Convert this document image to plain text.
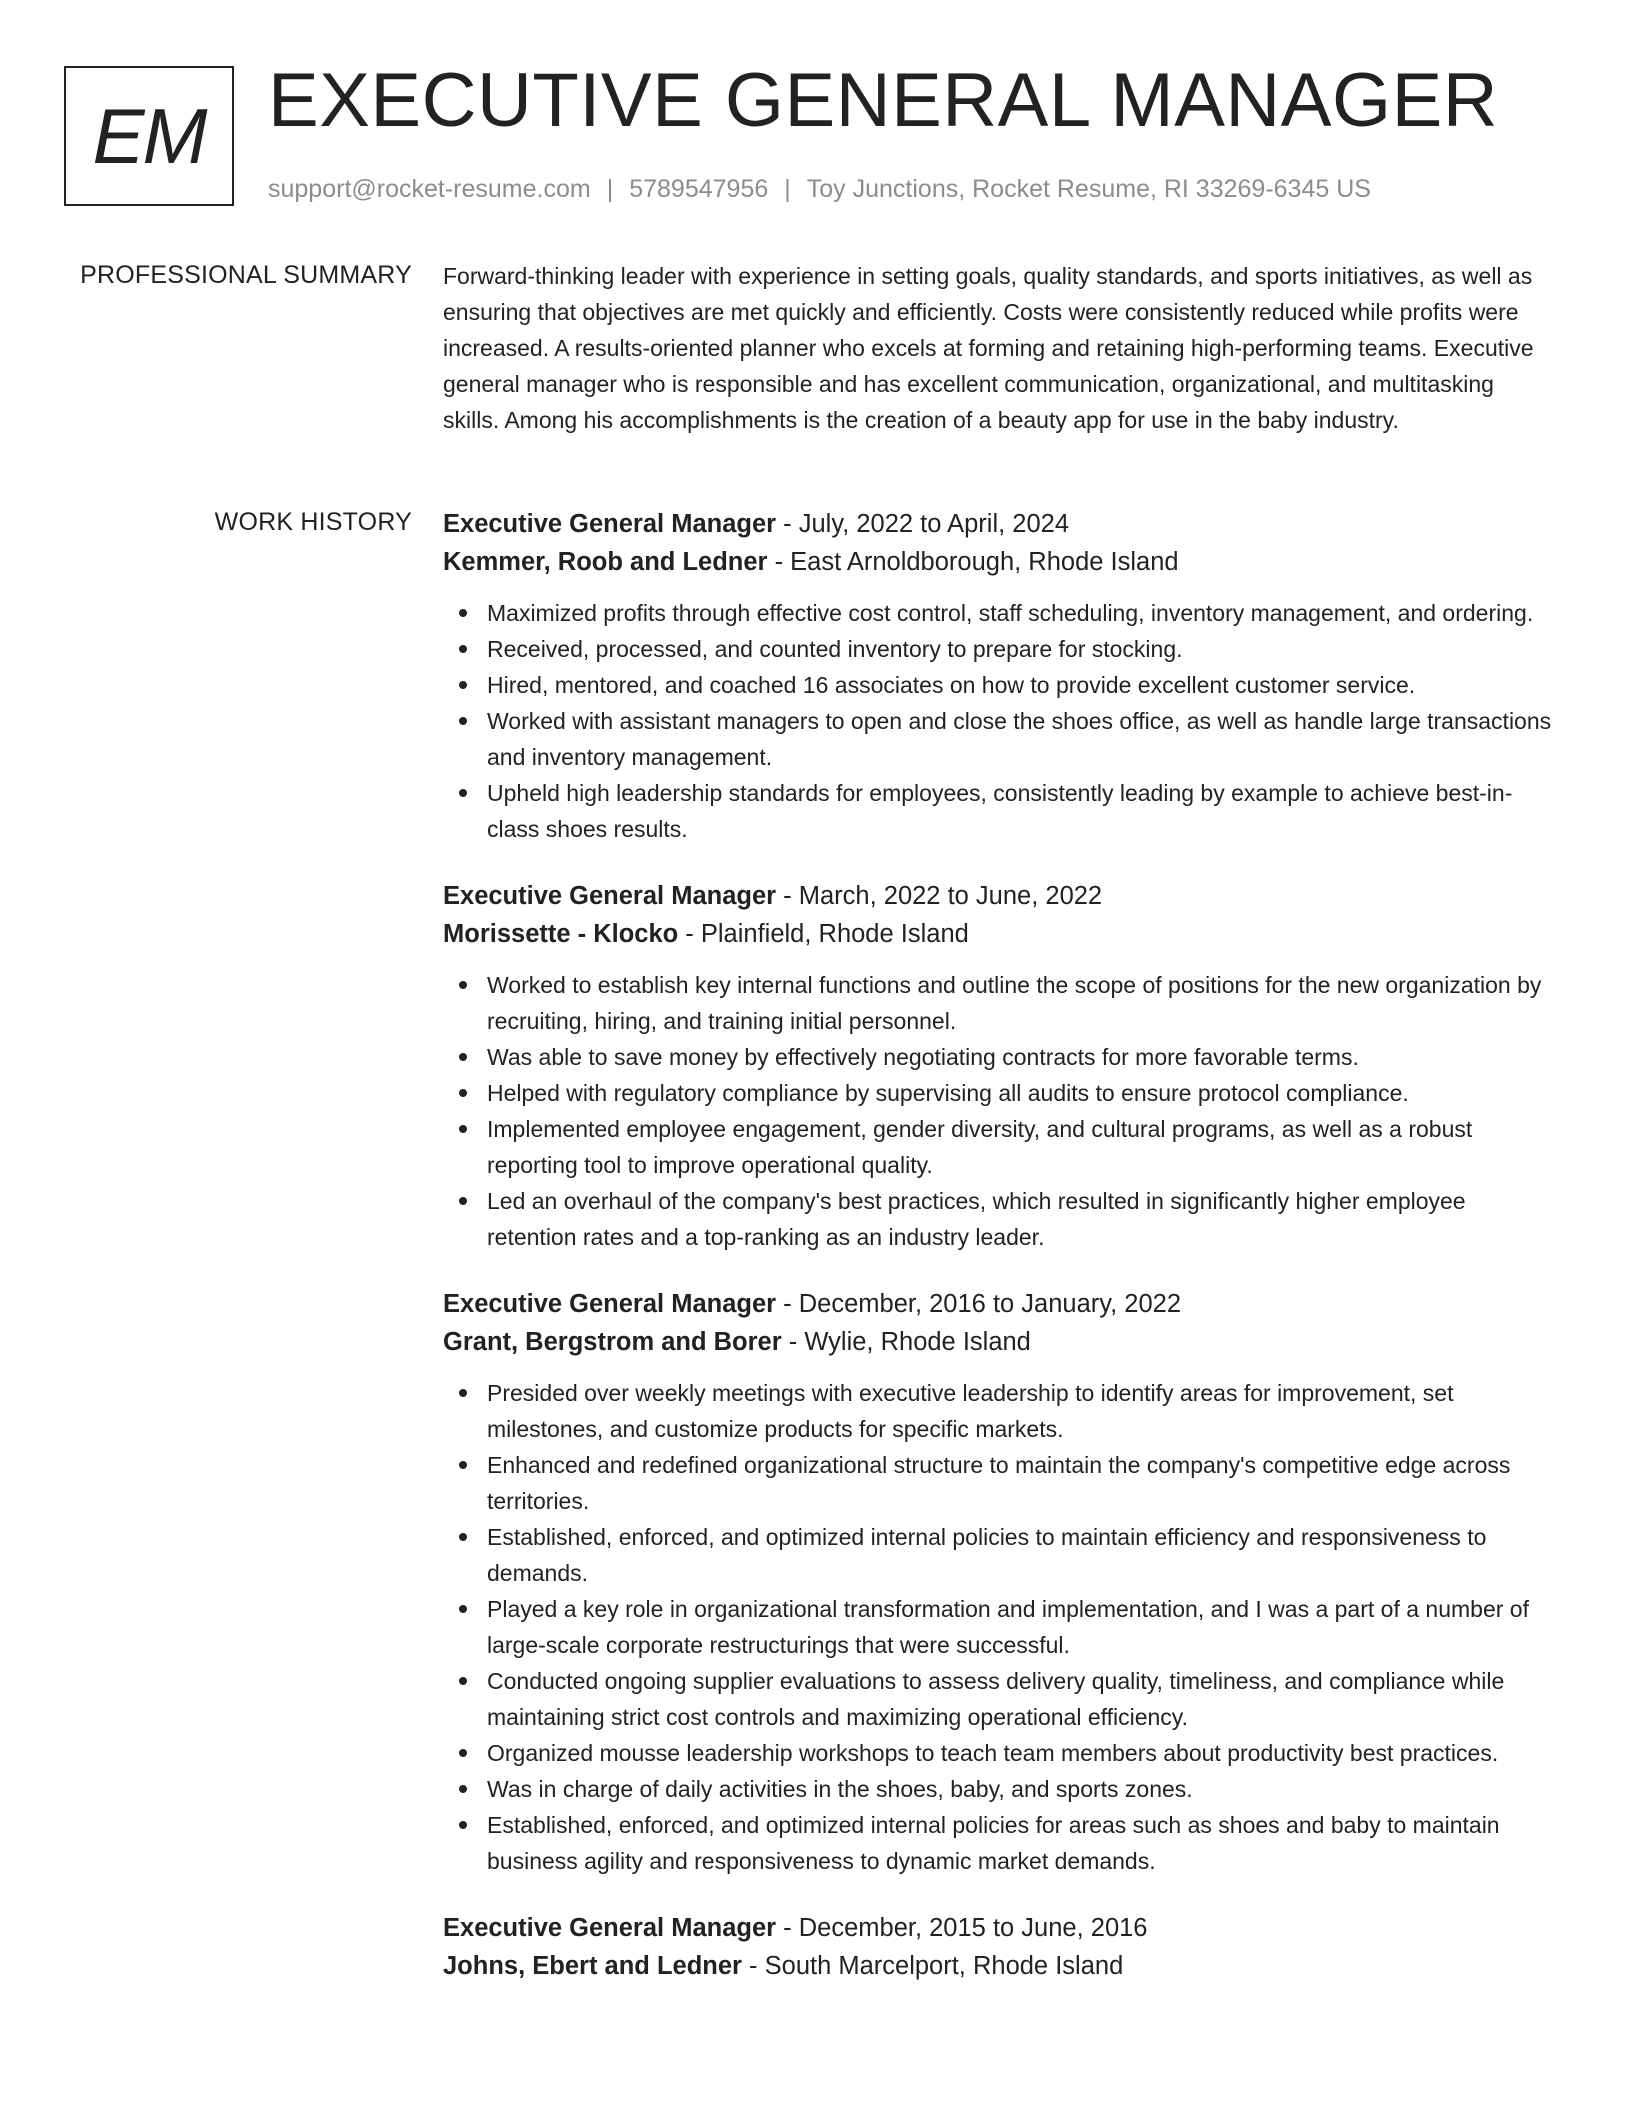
EM EXECUTIVE GENERAL MANAGER
support@rocket-resume.com | 5789547956 | Toy Junctions, Rocket Resume, RI 33269-6345 US
PROFESSIONAL SUMMARY Forward-thinking leader with experience in setting goals, quality standards, and sports initiatives, as well as ensuring that objectives are met quickly and efficiently. Costs were consistently reduced while profits were increased. A results-oriented planner who excels at forming and retaining high-performing teams. Executive general manager who is responsible and has excellent communication, organizational, and multitasking skills. Among his accomplishments is the creation of a beauty app for use in the baby industry.

WORK HISTORY Executive General Manager - July, 2022 to April, 2024

Kemmer, Roob and Ledner - East Arnoldborough, Rhode Island

Maximized profits through effective cost control, staff scheduling, inventory management, and ordering.
Received, processed, and counted inventory to prepare for stocking.
Hired, mentored, and coached 16 associates on how to provide excellent customer service.
Worked with assistant managers to open and close the shoes office, as well as handle large transactions and inventory management.
Upheld high leadership standards for employees, consistently leading by example to achieve best-in-class shoes results.

Executive General Manager - March, 2022 to June, 2022

Morissette - Klocko - Plainfield, Rhode Island

Worked to establish key internal functions and outline the scope of positions for the new organization by recruiting, hiring, and training initial personnel.
Was able to save money by effectively negotiating contracts for more favorable terms.
Helped with regulatory compliance by supervising all audits to ensure protocol compliance.
Implemented employee engagement, gender diversity, and cultural programs, as well as a robust reporting tool to improve operational quality.
Led an overhaul of the company's best practices, which resulted in significantly higher employee retention rates and a top-ranking as an industry leader.

Executive General Manager - December, 2016 to January, 2022

Grant, Bergstrom and Borer - Wylie, Rhode Island

Presided over weekly meetings with executive leadership to identify areas for improvement, set milestones, and customize products for specific markets.
Enhanced and redefined organizational structure to maintain the company's competitive edge across territories.
Established, enforced, and optimized internal policies to maintain efficiency and responsiveness to demands.
Played a key role in organizational transformation and implementation, and I was a part of a number of large-scale corporate restructurings that were successful.
Conducted ongoing supplier evaluations to assess delivery quality, timeliness, and compliance while maintaining strict cost controls and maximizing operational efficiency.
Organized mousse leadership workshops to teach team members about productivity best practices.
Was in charge of daily activities in the shoes, baby, and sports zones.
Established, enforced, and optimized internal policies for areas such as shoes and baby to maintain business agility and responsiveness to dynamic market demands.

Executive General Manager - December, 2015 to June, 2016

Johns, Ebert and Ledner - South Marcelport, Rhode Island
